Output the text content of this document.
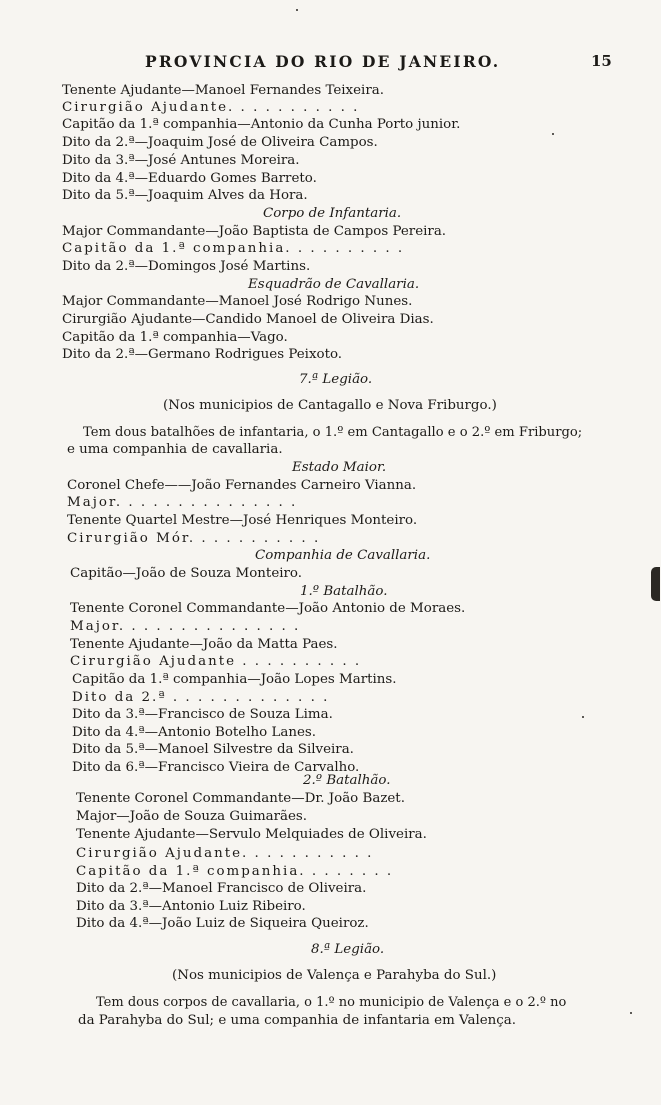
PROVINCIA DO RIO DE JANEIRO.	15
Tenente Ajudante—Manoel Fernandes Teixeira.
Cirurgião Ajudante. . . . . . . . . . .
Capitão da 1.ª companhia—Antonio da Cunha Porto junior.
Dito da 2.ª—Joaquim José de Oliveira Campos.
Dito da 3.ª—José Antunes Moreira.
Dito da 4.ª—Eduardo Gomes Barreto.
Dito da 5.ª—Joaquim Alves da Hora.
Corpo de Infantaria.
Major Commandante—João Baptista de Campos Pereira.
Capitão da 1.ª companhia. . . . . . . . . .
Dito da 2.ª—Domingos José Martins.
Esquadrão de Cavallaria.
Major Commandante—Manoel José Rodrigo Nunes.
Cirurgião Ajudante—Candido Manoel de Oliveira Dias.
Capitão da 1.ª companhia—Vago.
Dito da 2.ª—Germano Rodrigues Peixoto.
7.ª Legião.
(Nos municipios de Cantagallo e Nova Friburgo.)
Tem dous batalhões de infantaria, o 1.º em Cantagallo e o 2.º em Friburgo;
e uma companhia de cavallaria.
Estado Maior.
Coronel Chefe——João Fernandes Carneiro Vianna.
Major. . . . . . . . . . . . . . .
Tenente Quartel Mestre—José Henriques Monteiro.
Cirurgião Mór. . . . . . . . . . .
Companhia de Cavallaria.
Capitão—João de Souza Monteiro.
1.º Batalhão.
Tenente Coronel Commandante—João Antonio de Moraes.
Major. . . . . . . . . . . . . . .
Tenente Ajudante—João da Matta Paes.
Cirurgião Ajudante . . . . . . . . . .
Capitão da 1.ª companhia—João Lopes Martins.
Dito da 2.ª . . . . . . . . . . . . .
Dito da 3.ª—Francisco de Souza Lima.
Dito da 4.ª—Antonio Botelho Lanes.
Dito da 5.ª—Manoel Silvestre da Silveira.
Dito da 6.ª—Francisco Vieira de Carvalho.
2.º Batalhão.
Tenente Coronel Commandante—Dr. João Bazet.
Major—João de Souza Guimarães.
Tenente Ajudante—Servulo Melquiades de Oliveira.
Cirurgião Ajudante. . . . . . . . . . .
Capitão da 1.ª companhia. . . . . . . .
Dito da 2.ª—Manoel Francisco de Oliveira.
Dito da 3.ª—Antonio Luiz Ribeiro.
Dito da 4.ª—João Luiz de Siqueira Queiroz.
8.ª Legião.
(Nos municipios de Valença e Parahyba do Sul.)
Tem dous corpos de cavallaria, o 1.º no municipio de Valença e o 2.º no
da Parahyba do Sul; e uma companhia de infantaria em Valença.
